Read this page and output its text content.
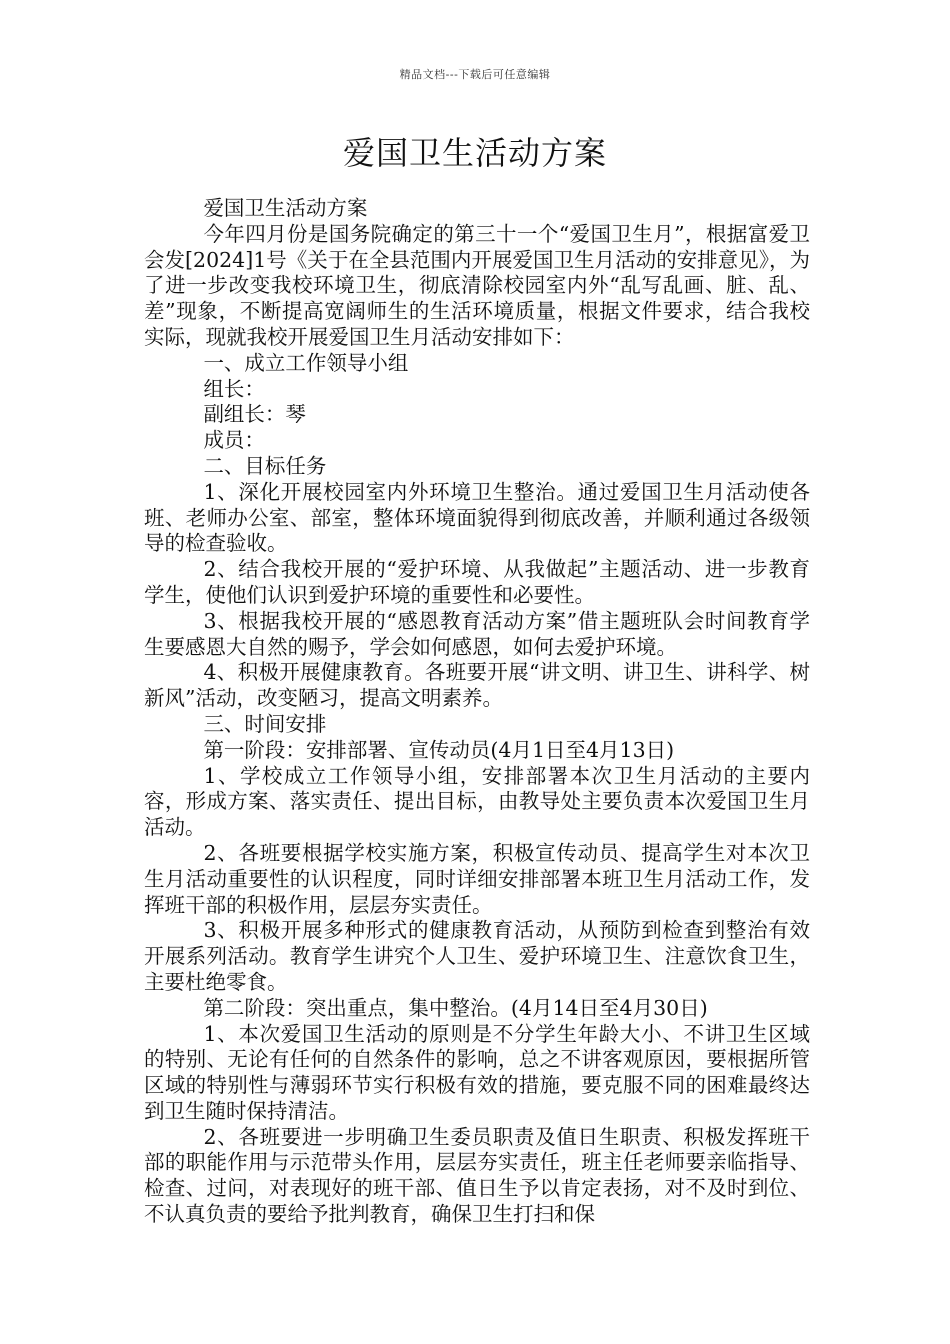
精品文档---下载后可任意编辑
爱国卫生活动方案

爱国卫生活动方案

今年四月份是国务院确定的第三十一个“爱国卫生月”，根据富爱卫会发[2024]1号《关于在全县范围内开展爱国卫生月活动的安排意见》，为了进一步改变我校环境卫生，彻底清除校园室内外“乱写乱画、脏、乱、差”现象，不断提高宽阔师生的生活环境质量，根据文件要求，结合我校实际，现就我校开展爱国卫生月活动安排如下：

一、成立工作领导小组

组长：

副组长：琴

成员：

二、目标任务

1、深化开展校园室内外环境卫生整治。通过爱国卫生月活动使各班、老师办公室、部室，整体环境面貌得到彻底改善，并顺利通过各级领导的检查验收。

2、结合我校开展的“爱护环境、从我做起”主题活动、进一步教育学生，使他们认识到爱护环境的重要性和必要性。

3、根据我校开展的“感恩教育活动方案”借主题班队会时间教育学生要感恩大自然的赐予，学会如何感恩，如何去爱护环境。

4、积极开展健康教育。各班要开展“讲文明、讲卫生、讲科学、树新风”活动，改变陋习，提高文明素养。

三、时间安排

第一阶段：安排部署、宣传动员(4月1日至4月13日)

1、学校成立工作领导小组，安排部署本次卫生月活动的主要内容，形成方案、落实责任、提出目标，由教导处主要负责本次爱国卫生月活动。

2、各班要根据学校实施方案，积极宣传动员、提高学生对本次卫生月活动重要性的认识程度，同时详细安排部署本班卫生月活动工作，发挥班干部的积极作用，层层夯实责任。

3、积极开展多种形式的健康教育活动，从预防到检查到整治有效开展系列活动。教育学生讲究个人卫生、爱护环境卫生、注意饮食卫生，主要杜绝零食。

第二阶段：突出重点，集中整治。(4月14日至4月30日)

1、本次爱国卫生活动的原则是不分学生年龄大小、不讲卫生区域的特别、无论有任何的自然条件的影响，总之不讲客观原因，要根据所管区域的特别性与薄弱环节实行积极有效的措施，要克服不同的困难最终达到卫生随时保持清洁。

2、各班要进一步明确卫生委员职责及值日生职责、积极发挥班干部的职能作用与示范带头作用，层层夯实责任，班主任老师要亲临指导、检查、过问，对表现好的班干部、值日生予以肯定表扬，对不及时到位、不认真负责的要给予批判教育，确保卫生打扫和保
